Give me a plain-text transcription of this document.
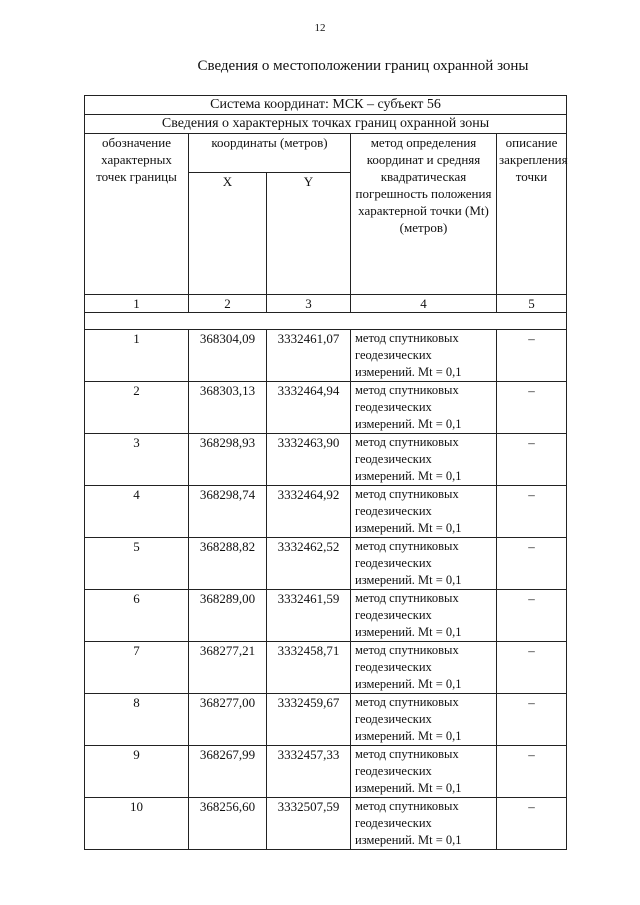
12
Сведения о местоположении границ охранной зоны
Система координат: МСК – субъект 56				
Сведения о характерных точках границ охранной зоны				
обозначение характерных точек границы	координаты (метров)		метод определения координат и средняя квадратическая погрешность положения характерной точки (Mt) (метров)	описание закрепления точки
	X	Y		
1	2	3	4	5

1	368304,09	3332461,07	метод спутниковых геодезических измерений. Mt = 0,1	–
2	368303,13	3332464,94	метод спутниковых геодезических измерений. Mt = 0,1	–
3	368298,93	3332463,90	метод спутниковых геодезических измерений. Mt = 0,1	–
4	368298,74	3332464,92	метод спутниковых геодезических измерений. Mt = 0,1	–
5	368288,82	3332462,52	метод спутниковых геодезических измерений. Mt = 0,1	–
6	368289,00	3332461,59	метод спутниковых геодезических измерений. Mt = 0,1	–
7	368277,21	3332458,71	метод спутниковых геодезических измерений. Mt = 0,1	–
8	368277,00	3332459,67	метод спутниковых геодезических измерений. Mt = 0,1	–
9	368267,99	3332457,33	метод спутниковых геодезических измерений. Mt = 0,1	–
10	368256,60	3332507,59	метод спутниковых геодезических измерений. Mt = 0,1	–
